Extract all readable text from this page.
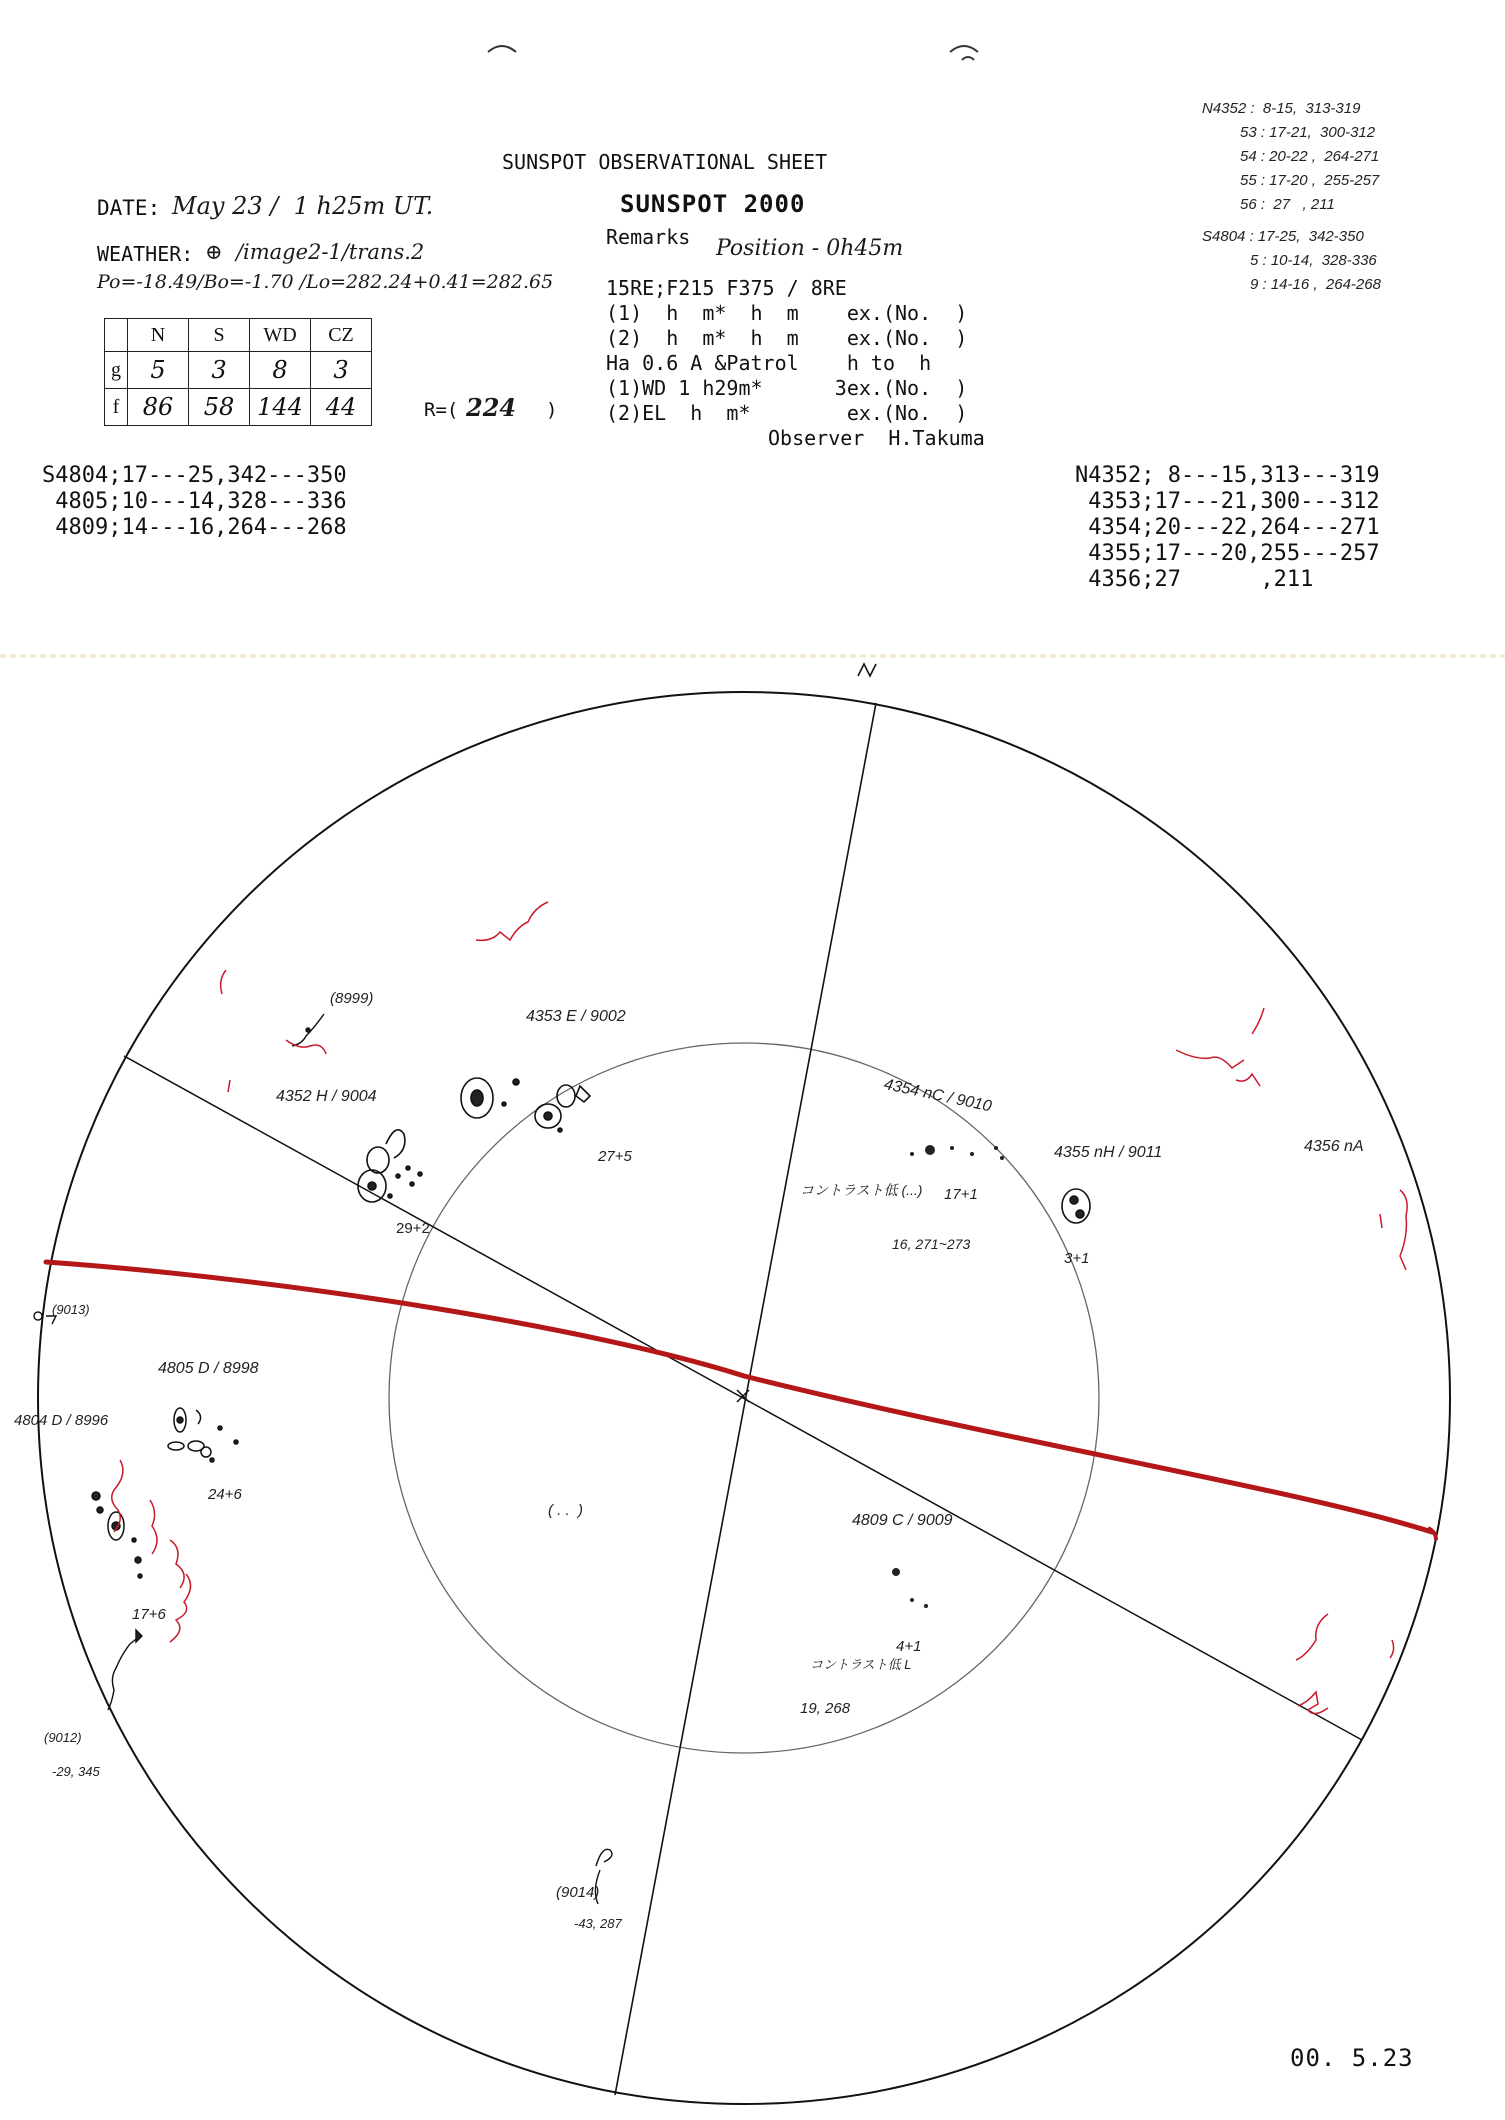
SUNSPOT OBSERVATIONAL SHEET
SUNSPOT 2000
DATE: May 23 /  1 h25m UT.
WEATHER: ⊕  /image2-1/trans.2
Po=-18.49/Bo=-1.70 /Lo=282.24+0.41=282.65
Remarks Position - 0h45m
15RE;F215 F375 / 8RE
(1)  h  m*  h  m    ex.(No.  )
(2)  h  m*  h  m    ex.(No.  )
Ha 0.6 A &Patrol    h to  h
(1)WD 1 h29m*      3ex.(No.  )
(2)EL  h  m*        ex.(No.  )
Observer  H.Takuma
R=( 224 )
	N	S	WD	CZ
g	5	3	8	3
f	86	58	144	44
S4804;17---25,342---350
4805;10---14,328---336
4809;14---16,264---268
N4352; 8---15,313---319
4353;17---21,300---312
4354;20---22,264---271
4355;17---20,255---257
4356;27      ,211
N4352 :  8-15,  313-319
53 : 17-21,  300-312
54 : 20-22 ,  264-271
55 : 17-20 ,  255-257
56 :  27   , 211
S4804 : 17-25,  342-350
5 : 10-14,  328-336
9 : 14-16 ,  264-268
(8999)
4352 H / 9004
4353 E / 9002
27+5
29+2
4354 nC / 9010
コントラスト低 (...) 17+1
16, 271~273
4355 nH / 9011
3+1
4356 nA
(9013)
4805 D / 8998
4804 D / 8996
24+6
( . .  )
17+6
(9012)
-29, 345
4809 C / 9009
4+1
コントラスト低 L
19, 268
(9014)
-43, 287
00. 5.23
